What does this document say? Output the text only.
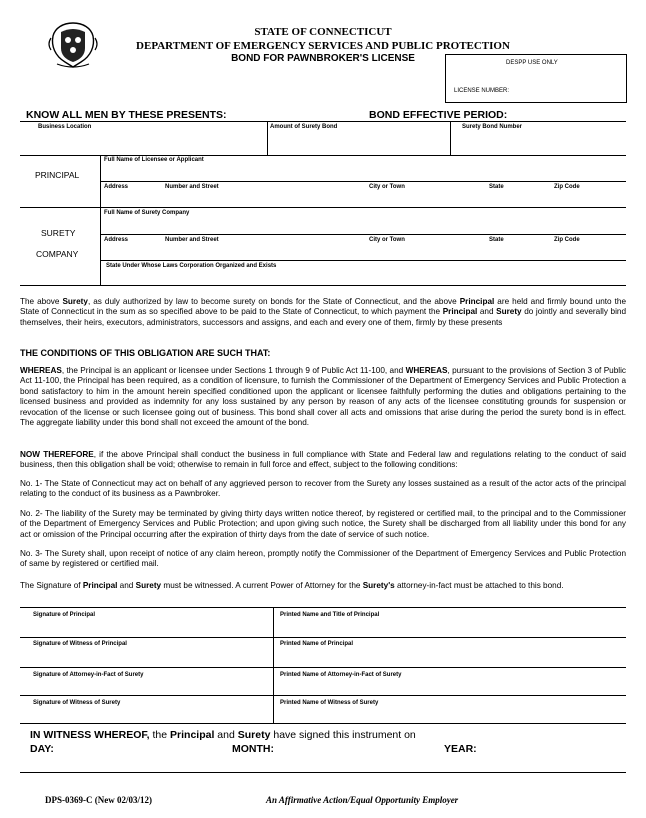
STATE OF CONNECTICUT
DEPARTMENT OF EMERGENCY SERVICES AND PUBLIC PROTECTION
BOND FOR PAWNBROKER'S LICENSE	DESPP USE ONLY
LICENSE NUMBER:
KNOW ALL MEN BY THESE PRESENTS:	BOND EFFECTIVE PERIOD:
Business Location	Amount of Surety Bond	Surety Bond Number
PRINCIPAL
Full Name of Licensee or Applicant
Address	Number and Street	City or Town	State	Zip Code
SURETY
COMPANY
Full Name of Surety Company
Address	Number and Street	City or Town	State	Zip Code
State Under Whose Laws Corporation Organized and Exists
The above Surety, as duly authorized by law to become surety on bonds for the State of Connecticut, and the above Principal are held and firmly bound unto the State of Connecticut in the sum as so specified above to be paid to the State of Connecticut, to which payment the Principal and Surety do jointly and severally bind themselves, their heirs, executors, administrators, successors and assigns, and each and every one of them, firmly by these presents
THE CONDITIONS OF THIS OBLIGATION ARE SUCH THAT:
WHEREAS, the Principal is an applicant or licensee under Sections 1 through 9 of Public Act 11-100, and WHEREAS, pursuant to the provisions of Section 3 of Public Act 11-100, the Principal has been required, as a condition of licensure, to furnish the Commissioner of the Department of Emergency Services and Public Protection a bond satisfactory to him in the amount herein specified conditioned upon the applicant or licensee faithfully performing the duties and obligations pertaining to the licensed business and provided as indemnity for any loss sustained by any person by reason of any acts of the licensee constituting grounds for suspension or revocation of the license or such licensee going out of business. This bond shall cover all acts and omissions that arise during the period the surety bond is in effect. The aggregate liability under this bond shall not exceed the amount of the bond.
NOW THEREFORE, if the above Principal shall conduct the business in full compliance with State and Federal law and regulations relating to the conduct of said business, then this obligation shall be void; otherwise to remain in full force and effect, subject to the following conditions:
No. 1- The State of Connecticut may act on behalf of any aggrieved person to recover from the Surety any losses sustained as a result of the actor acts of the principal relating to the conduct of its business as a Pawnbroker.
No. 2- The liability of the Surety may be terminated by giving thirty days written notice thereof, by registered or certified mail, to the principal and to the Commissioner of the Department of Emergency Services and Public Protection; and upon giving such notice, the Surety shall be discharged from all liability under this bond for any act or omission of the Principal occurring after the expiration of thirty days from the date of service of such notice.
No. 3- The Surety shall, upon receipt of notice of any claim hereon, promptly notify the Commissioner of the Department of Emergency Services and Public Protection of same by registered or certified mail.
The Signature of Principal and Surety must be witnessed. A current Power of Attorney for the Surety's attorney-in-fact must be attached to this bond.
Signature of Principal	Printed Name and Title of Principal
Signature of Witness of Principal	Printed Name of Principal
Signature of Attorney-in-Fact of Surety	Printed Name of Attorney-in-Fact of Surety
Signature of Witness of Surety	Printed Name of Witness of Surety
IN WITNESS WHEREOF, the Principal and Surety have signed this instrument on
DAY:	MONTH:	YEAR:
DPS-0369-C (New 02/03/12)	An Affirmative Action/Equal Opportunity Employer
